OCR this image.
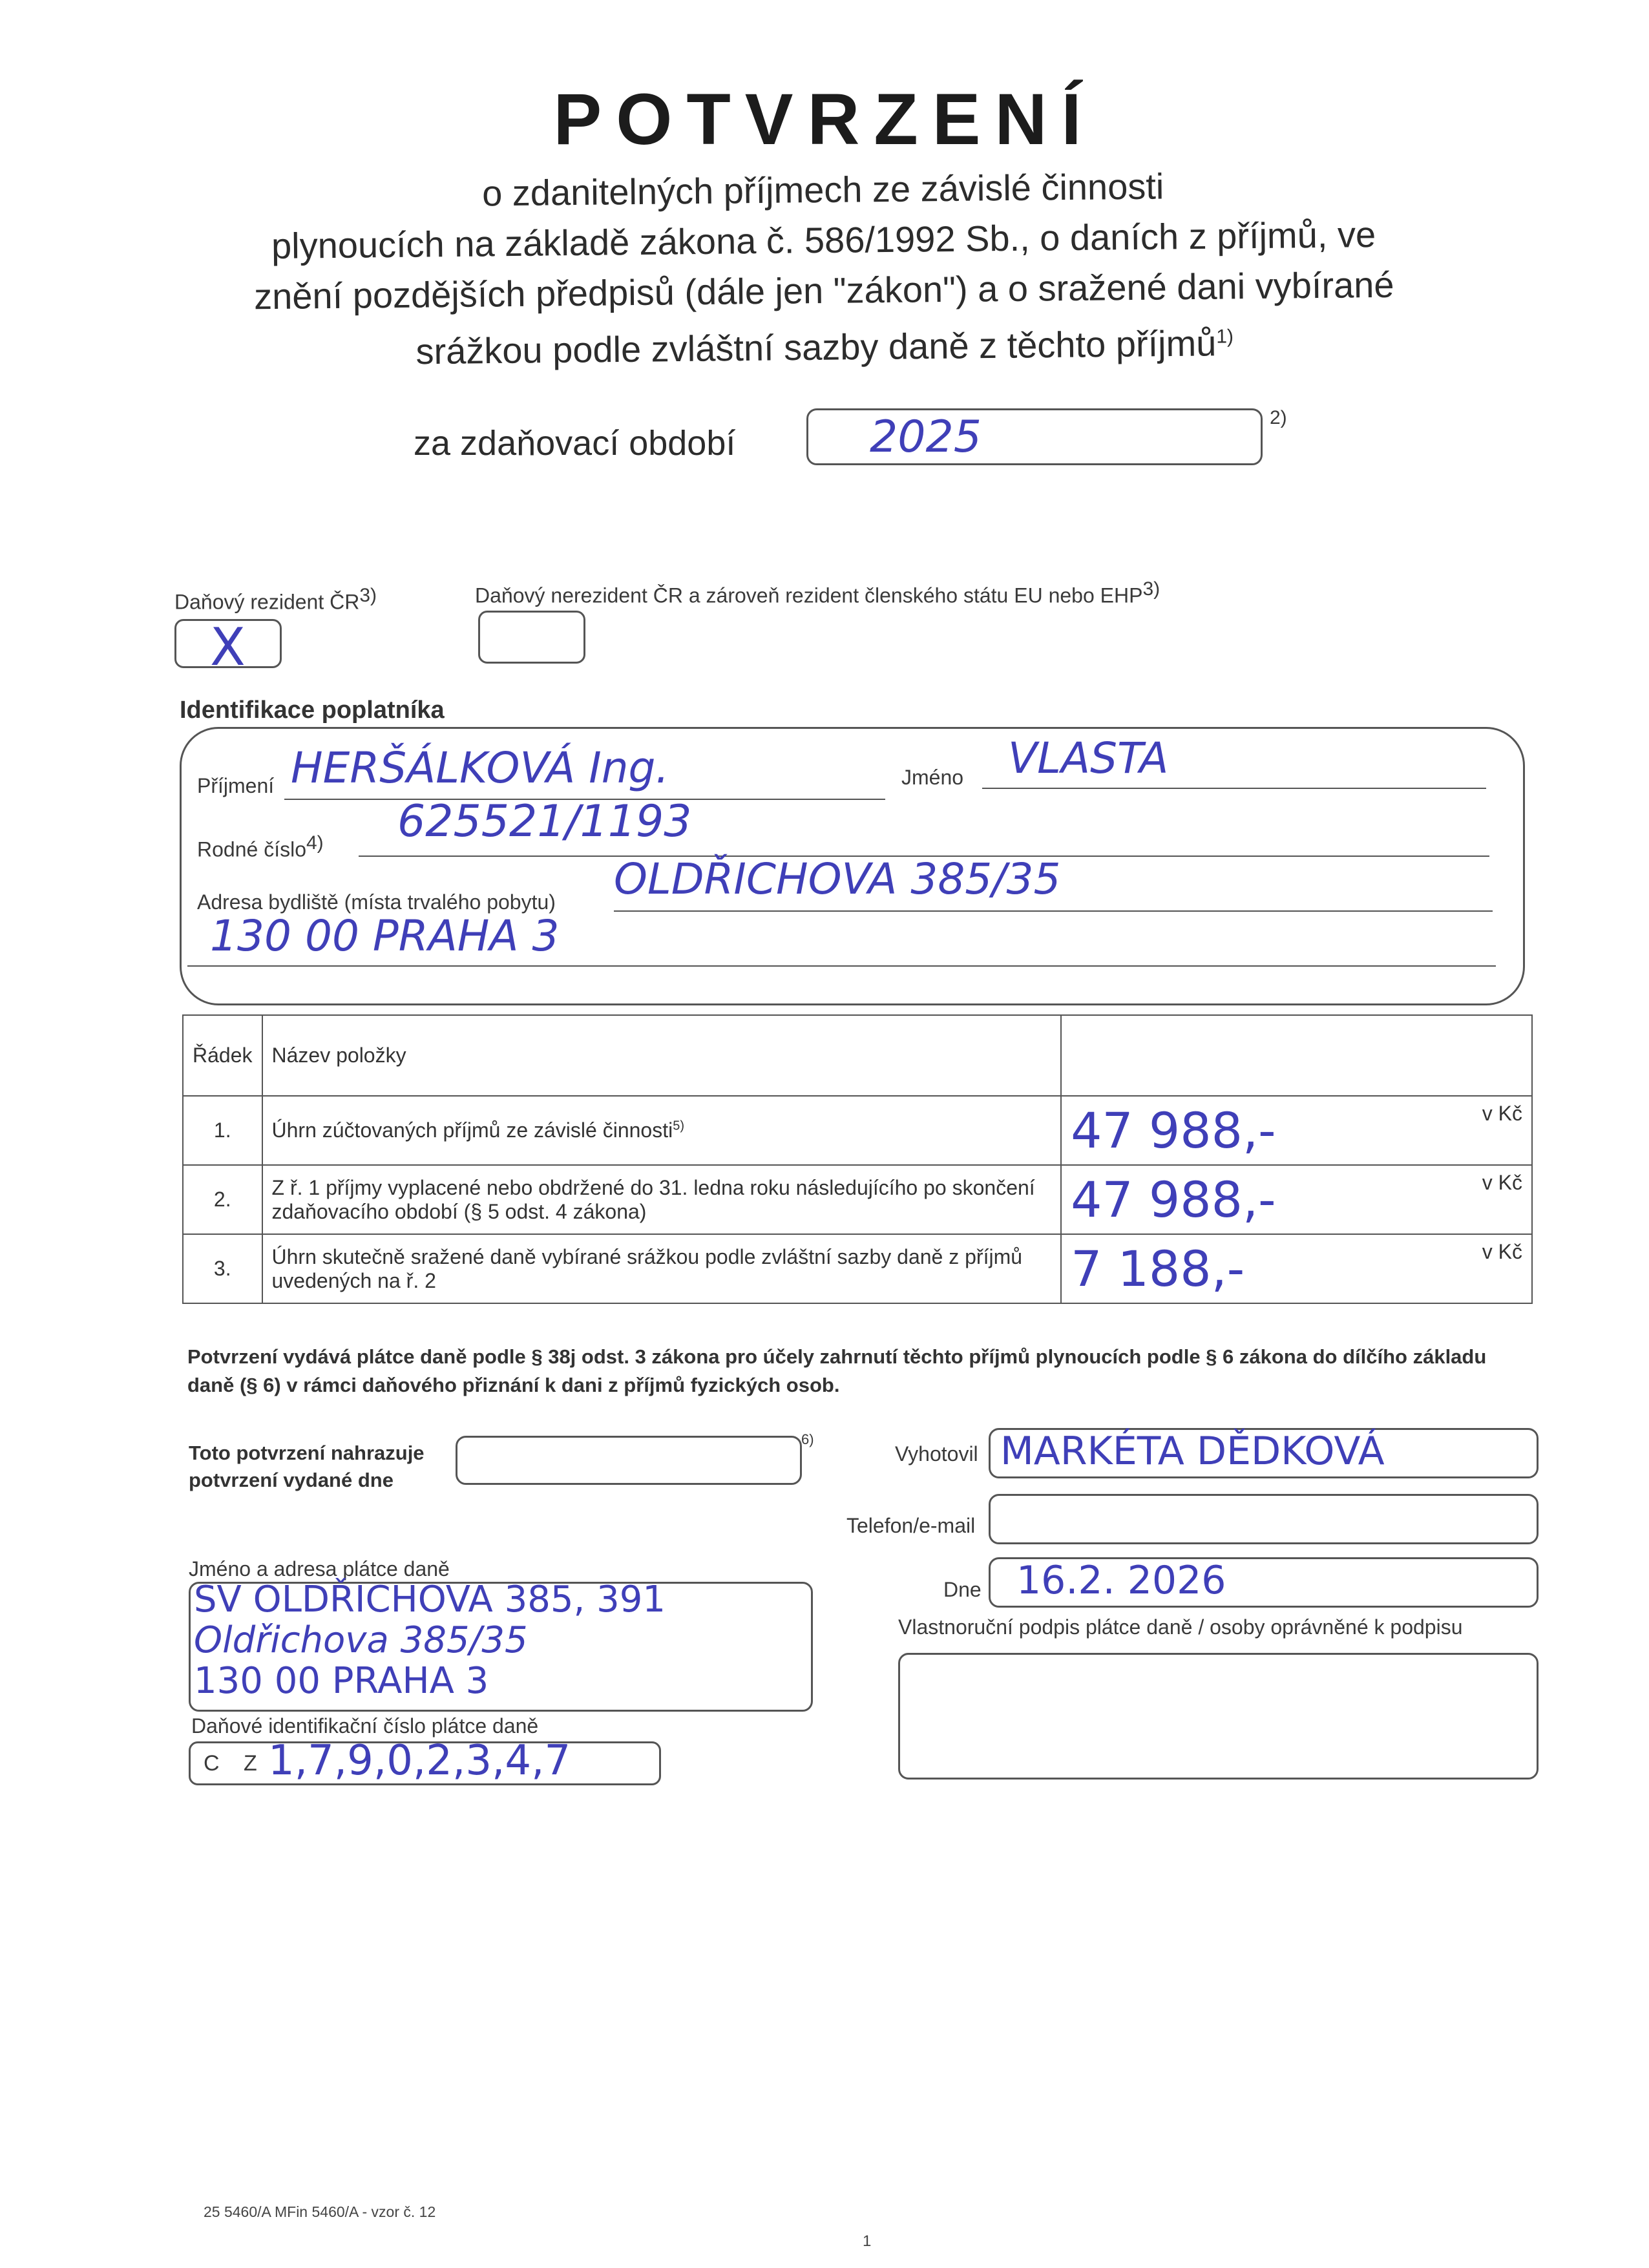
POTVRZENÍ
o zdanitelných příjmech ze závislé činnosti
plynoucích na základě zákona č. 586/1992 Sb., o daních z příjmů, ve
znění pozdějších předpisů (dále jen "zákon") a o sražené dani vybírané
srážkou podle zvláštní sazby daně z těchto příjmů$^{1)}$
za zdaňovací období	2025	2)
Daňový rezident ČR3)
X
Daňový nerezident ČR a zároveň rezident členského státu EU nebo EHP3)
Identifikace poplatníka
Příjmení HERŠÁLKOVÁ Ing.	Jméno VLASTA
Rodné číslo4) 625521/1193
Adresa bydliště (místa trvalého pobytu) OLDŘICHOVA 385/35
130 00 PRAHA 3
Řádek	Název položky		
1.	Úhrn zúčtovaných příjmů ze závislé činnosti$^{5)}$	47 988,-	v Kč
2.	Z ř. 1 příjmy vyplacené nebo obdržené do 31. ledna roku následujícího po skončení zdaňovacího období (§ 5 odst. 4 zákona)	47 988,-	v Kč
3.	Úhrn skutečně sražené daně vybírané srážkou podle zvláštní sazby daně z příjmů uvedených na ř. 2	7 188,-	v Kč
Potvrzení vydává plátce daně podle § 38j odst. 3 zákona pro účely zahrnutí těchto příjmů plynoucích podle § 6 zákona do dílčího základu daně (§ 6) v rámci daňového přiznání k dani z příjmů fyzických osob.
Toto potvrzení nahrazuje
potvrzení vydané dne
6)
Vyhotovil MARKÉTA DĚDKOVÁ
Telefon/e-mail
Dne 16.2. 2026
Vlastnoruční podpis plátce daně / osoby oprávněné k podpisu
Jméno a adresa plátce daně
SV OLDŘICHOVA 385, 391
Oldřichova 385/35
130 00 PRAHA 3
Daňové identifikační číslo plátce daně
C Z 1,7,9,0,2,3,4,7
25 5460/A MFin 5460/A - vzor č. 12
1
